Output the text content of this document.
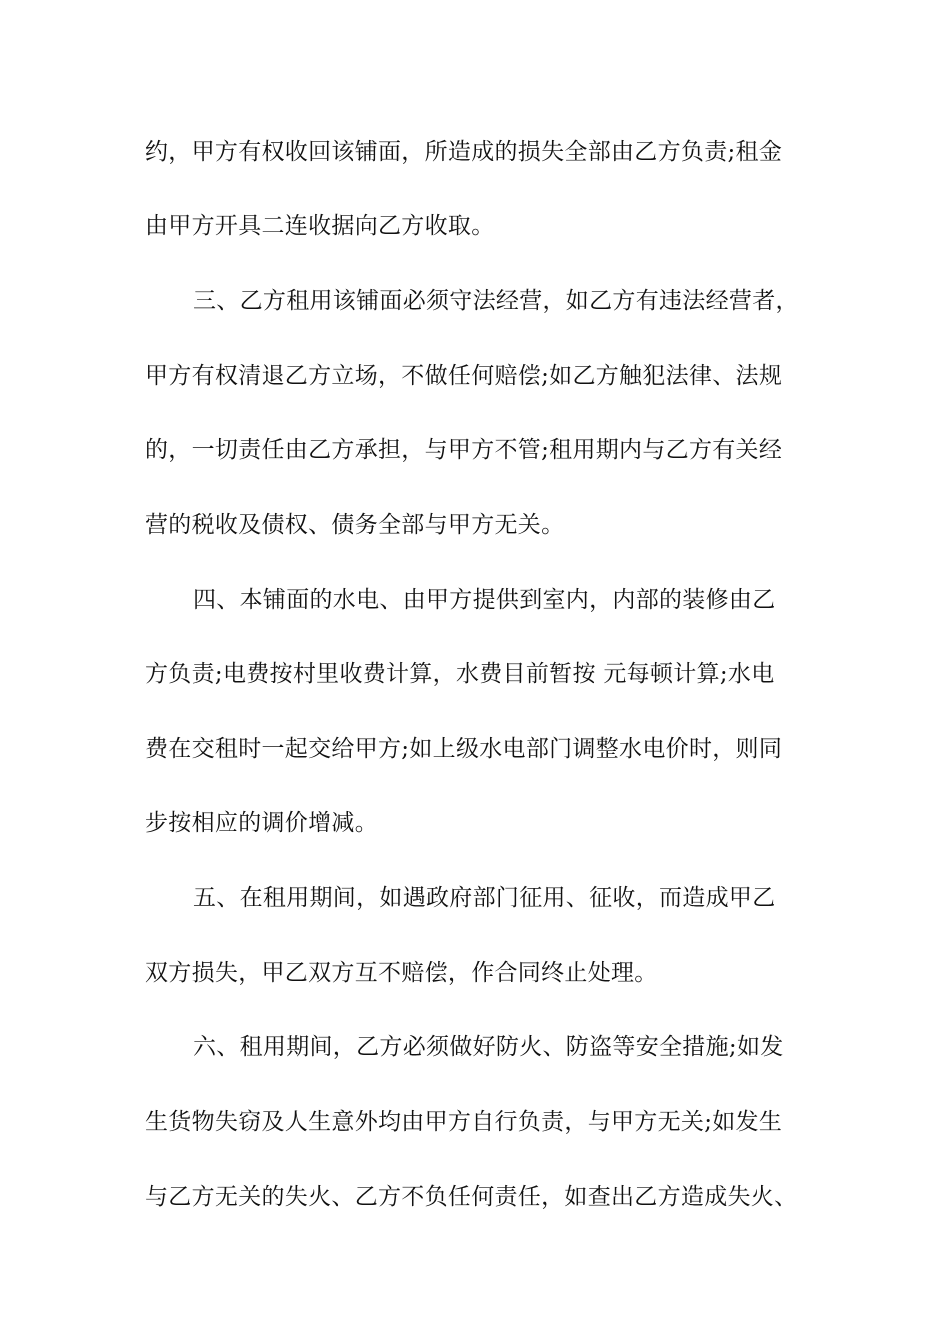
约，甲方有权收回该铺面，所造成的损失全部由乙方负责;租金
由甲方开具二连收据向乙方收取。
三、乙方租用该铺面必须守法经营，如乙方有违法经营者，
甲方有权清退乙方立场，不做任何赔偿;如乙方触犯法律、法规
的，一切责任由乙方承担，与甲方不管;租用期内与乙方有关经
营的税收及债权、债务全部与甲方无关。
四、本铺面的水电、由甲方提供到室内，内部的装修由乙
方负责;电费按村里收费计算，水费目前暂按 元每顿计算;水电
费在交租时一起交给甲方;如上级水电部门调整水电价时，则同
步按相应的调价增减。
五、在租用期间，如遇政府部门征用、征收，而造成甲乙
双方损失，甲乙双方互不赔偿，作合同终止处理。
六、租用期间，乙方必须做好防火、防盗等安全措施;如发
生货物失窃及人生意外均由甲方自行负责，与甲方无关;如发生
与乙方无关的失火、乙方不负任何责任，如查出乙方造成失火、
